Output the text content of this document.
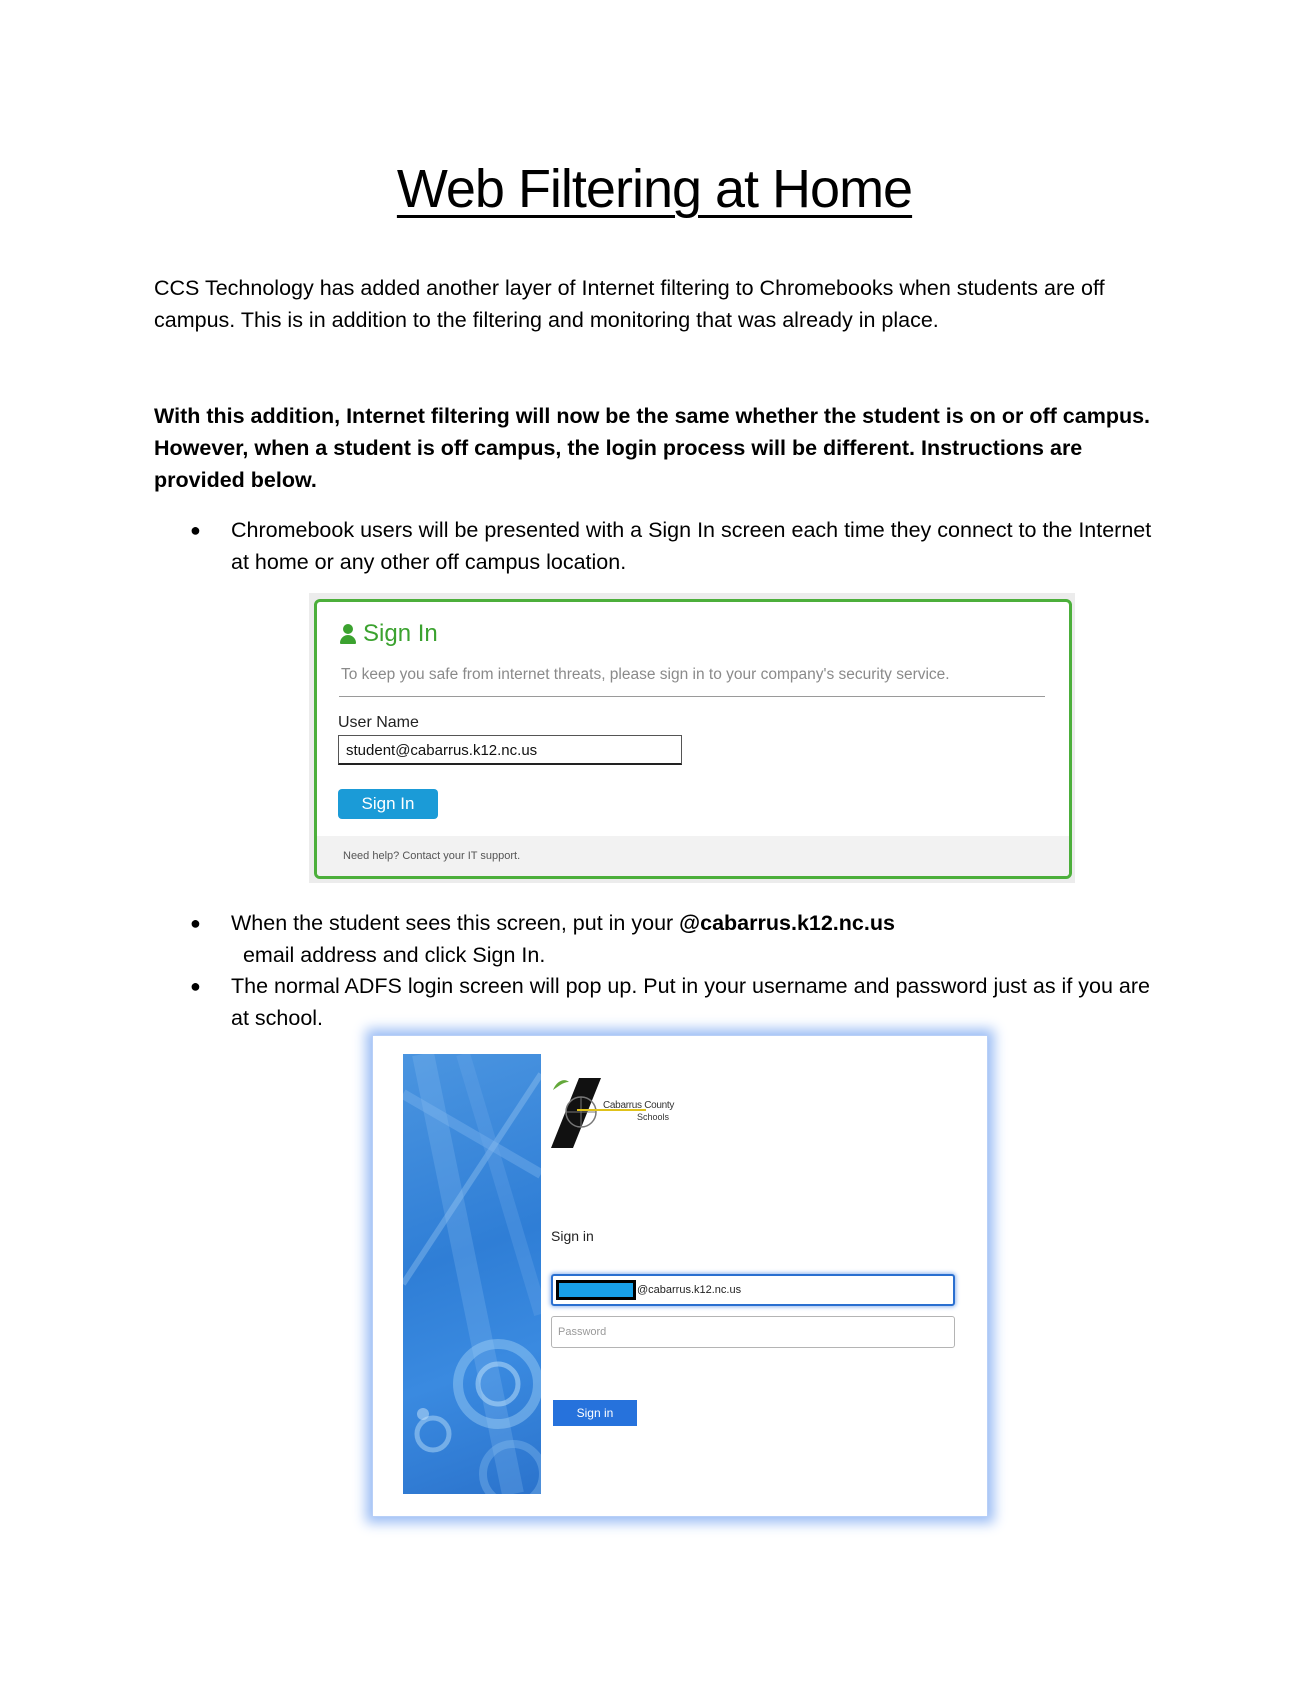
Web Filtering at Home

CCS Technology has added another layer of Internet filtering to Chromebooks when students are off campus. This is in addition to the filtering and monitoring that was already in place.

With this addition, Internet filtering will now be the same whether the student is on or off campus. However, when a student is off campus, the login process will be different. Instructions are provided below.

● Chromebook users will be presented with a Sign In screen each time they connect to the Internet at home or any other off campus location.
Sign In
To keep you safe from internet threats, please sign in to your company's security service.
User Name
student@cabarrus.k12.nc.us
Sign In
Need help? Contact your IT support.
● When the student sees this screen, put in your @cabarrus.k12.nc.us  email address and click Sign In.
● The normal ADFS login screen will pop up. Put in your username and password just as if you are at school.
Cabarrus County
Schools
Sign in
@cabarrus.k12.nc.us
Password
Sign in
